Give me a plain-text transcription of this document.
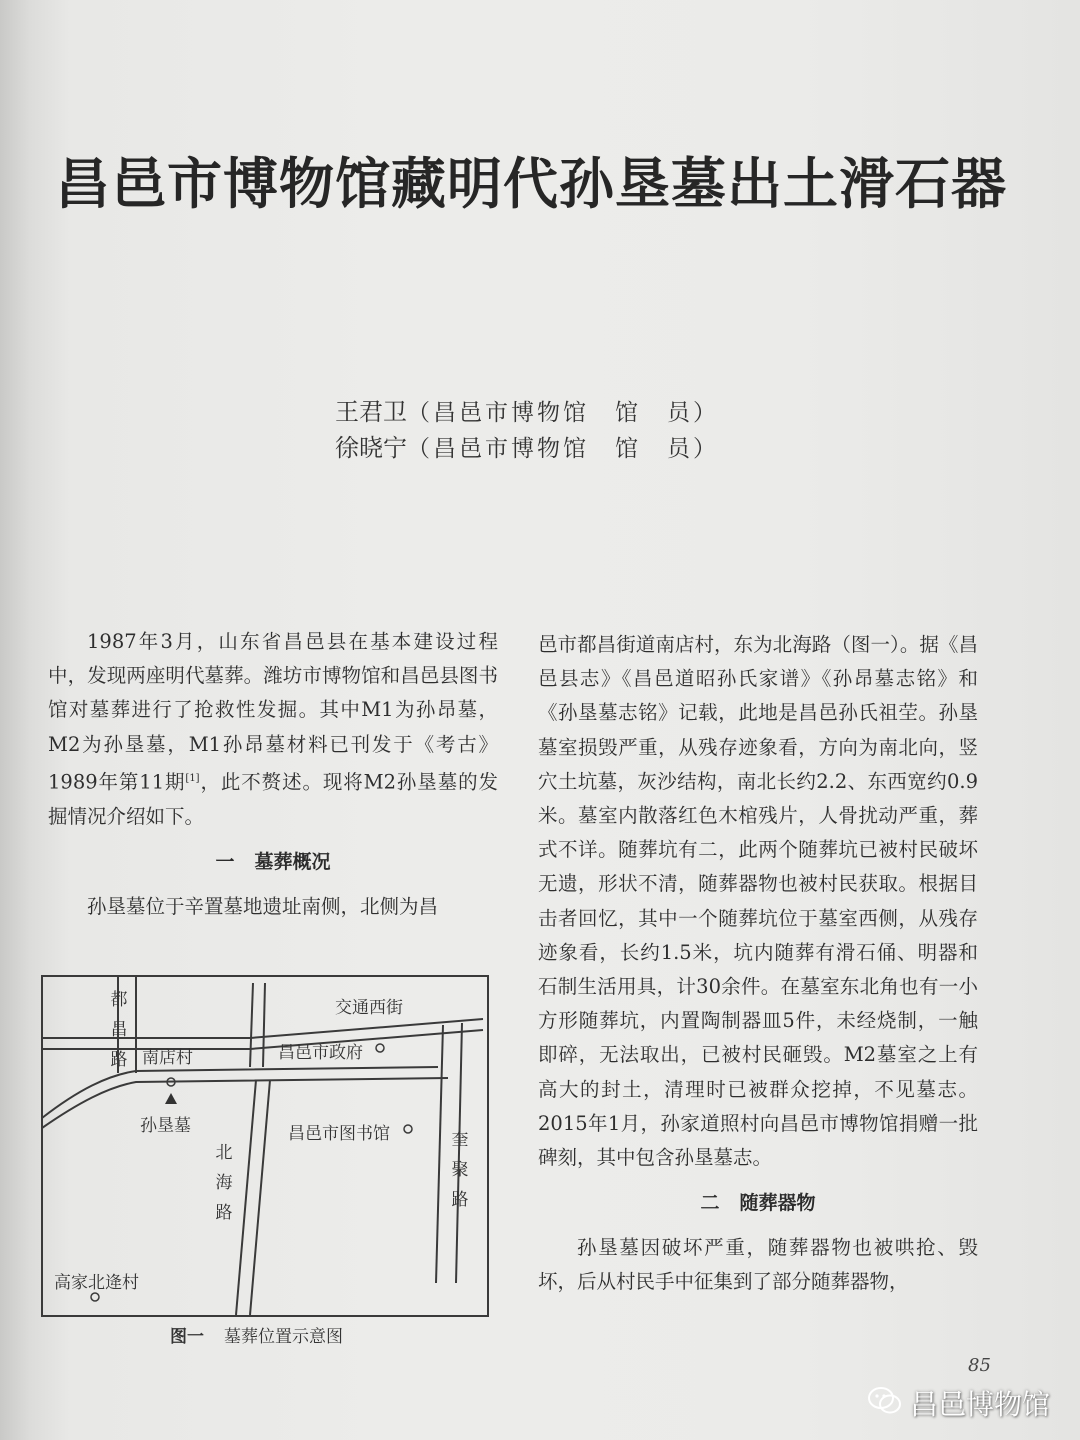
昌邑市博物馆藏明代孙垦墓出土滑石器
王君卫（昌邑市博物馆　馆　员）
徐晓宁（昌邑市博物馆　馆　员）

1987年3月，山东省昌邑县在基本建设过程中，发现两座明代墓葬。潍坊市博物馆和昌邑县图书馆对墓葬进行了抢救性发掘。其中M1为孙昂墓，M2为孙垦墓，M1孙昂墓材料已刊发于《考古》1989年第11期[1]，此不赘述。现将M2孙垦墓的发掘情况介绍如下。

一 墓葬概况

孙垦墓位于辛置墓地遗址南侧，北侧为昌

交通西街
都昌路 南店村	昌邑市政府
孙垦墓	昌邑市图书馆
北海路
奎聚路
高家北逄村
图一 墓葬位置示意图

邑市都昌街道南店村，东为北海路（图一）。据《昌邑县志》《昌邑道昭孙氏家谱》《孙昂墓志铭》和《孙垦墓志铭》记载，此地是昌邑孙氏祖茔。孙垦墓室损毁严重，从残存迹象看，方向为南北向，竖穴土坑墓，灰沙结构，南北长约2.2、东西宽约0.9米。墓室内散落红色木棺残片，人骨扰动严重，葬式不详。随葬坑有二，此两个随葬坑已被村民破坏无遗，形状不清，随葬器物也被村民获取。根据目击者回忆，其中一个随葬坑位于墓室西侧，从残存迹象看，长约1.5米，坑内随葬有滑石俑、明器和石制生活用具，计30余件。在墓室东北角也有一小方形随葬坑，内置陶制器皿5件，未经烧制，一触即碎，无法取出，已被村民砸毁。M2墓室之上有高大的封土，清理时已被群众挖掉，不见墓志。2015年1月，孙家道照村向昌邑市博物馆捐赠一批碑刻，其中包含孙垦墓志。

二 随葬器物

孙垦墓因破坏严重，随葬器物也被哄抢、毁坏，后从村民手中征集到了部分随葬器物，

85
昌邑博物馆
